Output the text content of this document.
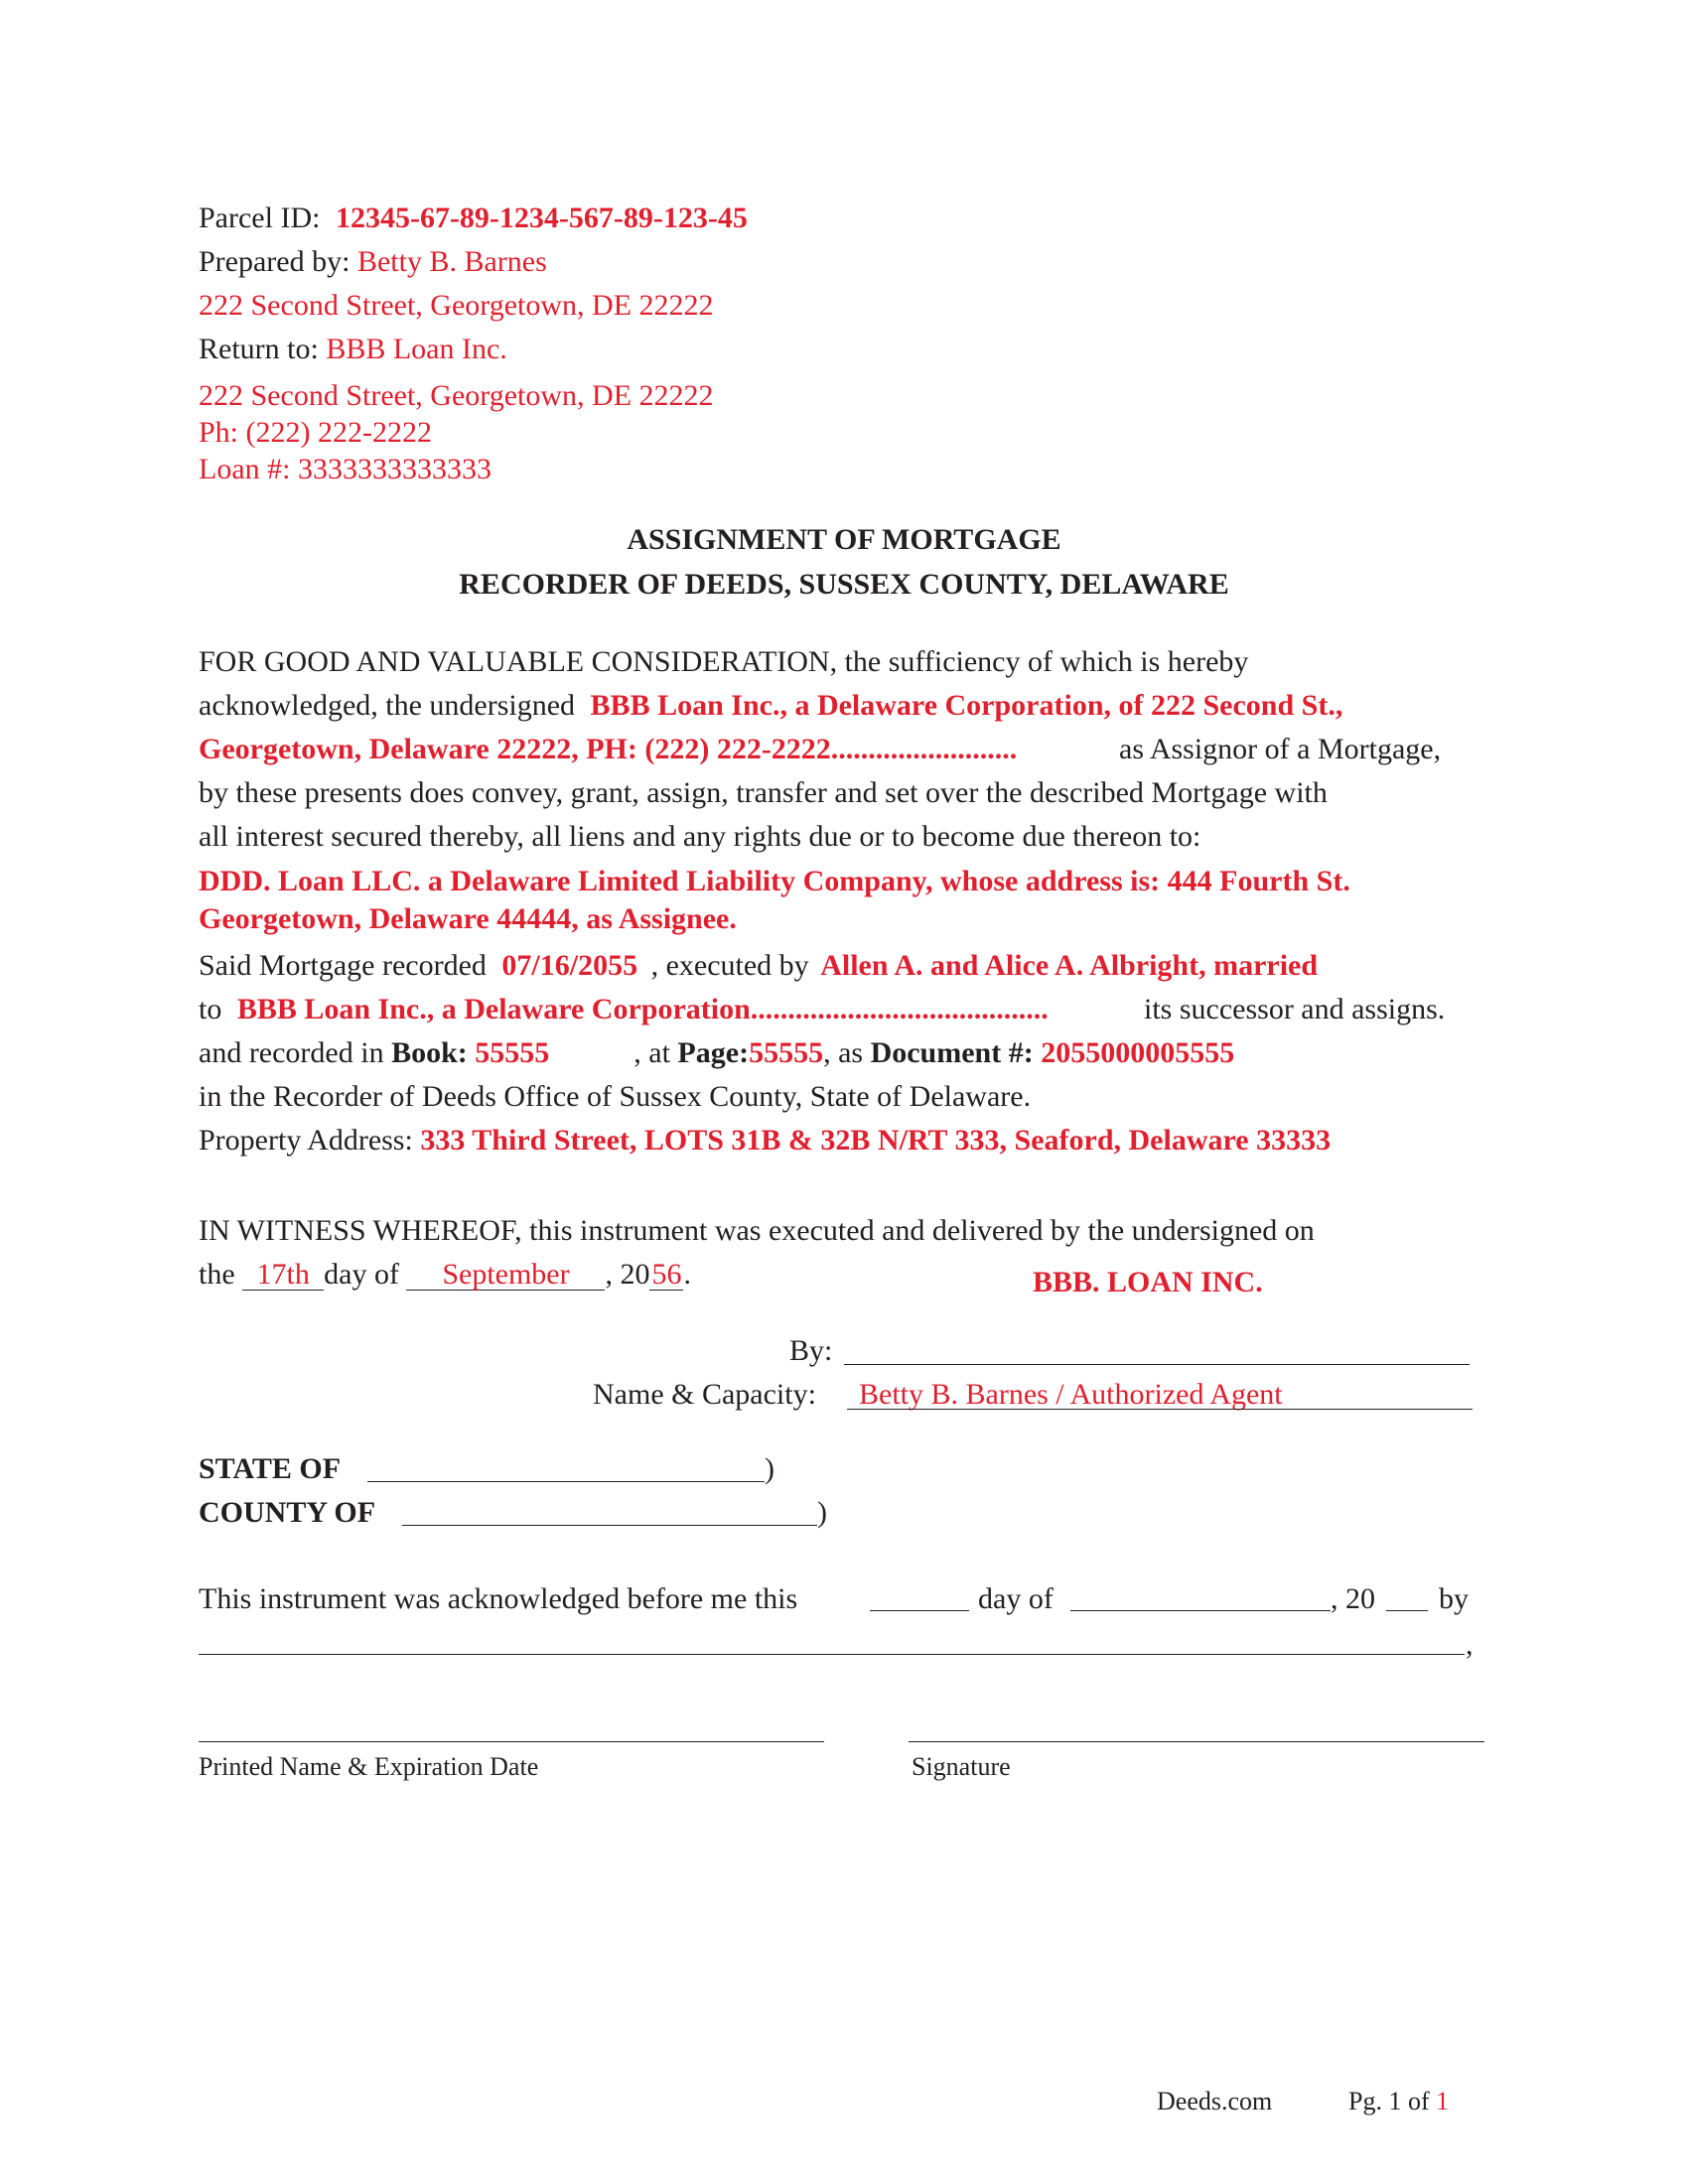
Parcel ID: 12345-67-89-1234-567-89-123-45
Prepared by: Betty B. Barnes
222 Second Street, Georgetown, DE 22222
Return to: BBB Loan Inc.
222 Second Street, Georgetown, DE 22222
Ph: (222) 222-2222
Loan #: 3333333333333
ASSIGNMENT OF MORTGAGE
RECORDER OF DEEDS, SUSSEX COUNTY, DELAWARE
FOR GOOD AND VALUABLE CONSIDERATION, the sufficiency of which is hereby
acknowledged, the undersigned BBB Loan Inc., a Delaware Corporation, of 222 Second St.,
Georgetown, Delaware 22222, PH: (222) 222-2222.........................	as Assignor of a Mortgage,
by these presents does convey, grant, assign, transfer and set over the described Mortgage with
all interest secured thereby, all liens and any rights due or to become due thereon to:
DDD. Loan LLC. a Delaware Limited Liability Company, whose address is: 444 Fourth St.
Georgetown, Delaware 44444, as Assignee.
Said Mortgage recorded 07/16/2055 , executed by Allen A. and Alice A. Albright, married
to BBB Loan Inc., a Delaware Corporation........................................	its successor and assigns.
and recorded in Book: 55555	, at Page:55555, as Document #: 2055000005555
in the Recorder of Deeds Office of Sussex County, State of Delaware.
Property Address: 333 Third Street, LOTS 31B & 32B N/RT 333, Seaford, Delaware 33333
IN WITNESS WHEREOF, this instrument was executed and delivered by the undersigned on
the 17th day of September , 2056.	BBB. LOAN INC.
By:
Name & Capacity: Betty B. Barnes / Authorized Agent
STATE OF	)
COUNTY OF	)
This instrument was acknowledged before me this	day of	, 20 by
,
Printed Name & Expiration Date	Signature
Deeds.com	Pg. 1 of 1
